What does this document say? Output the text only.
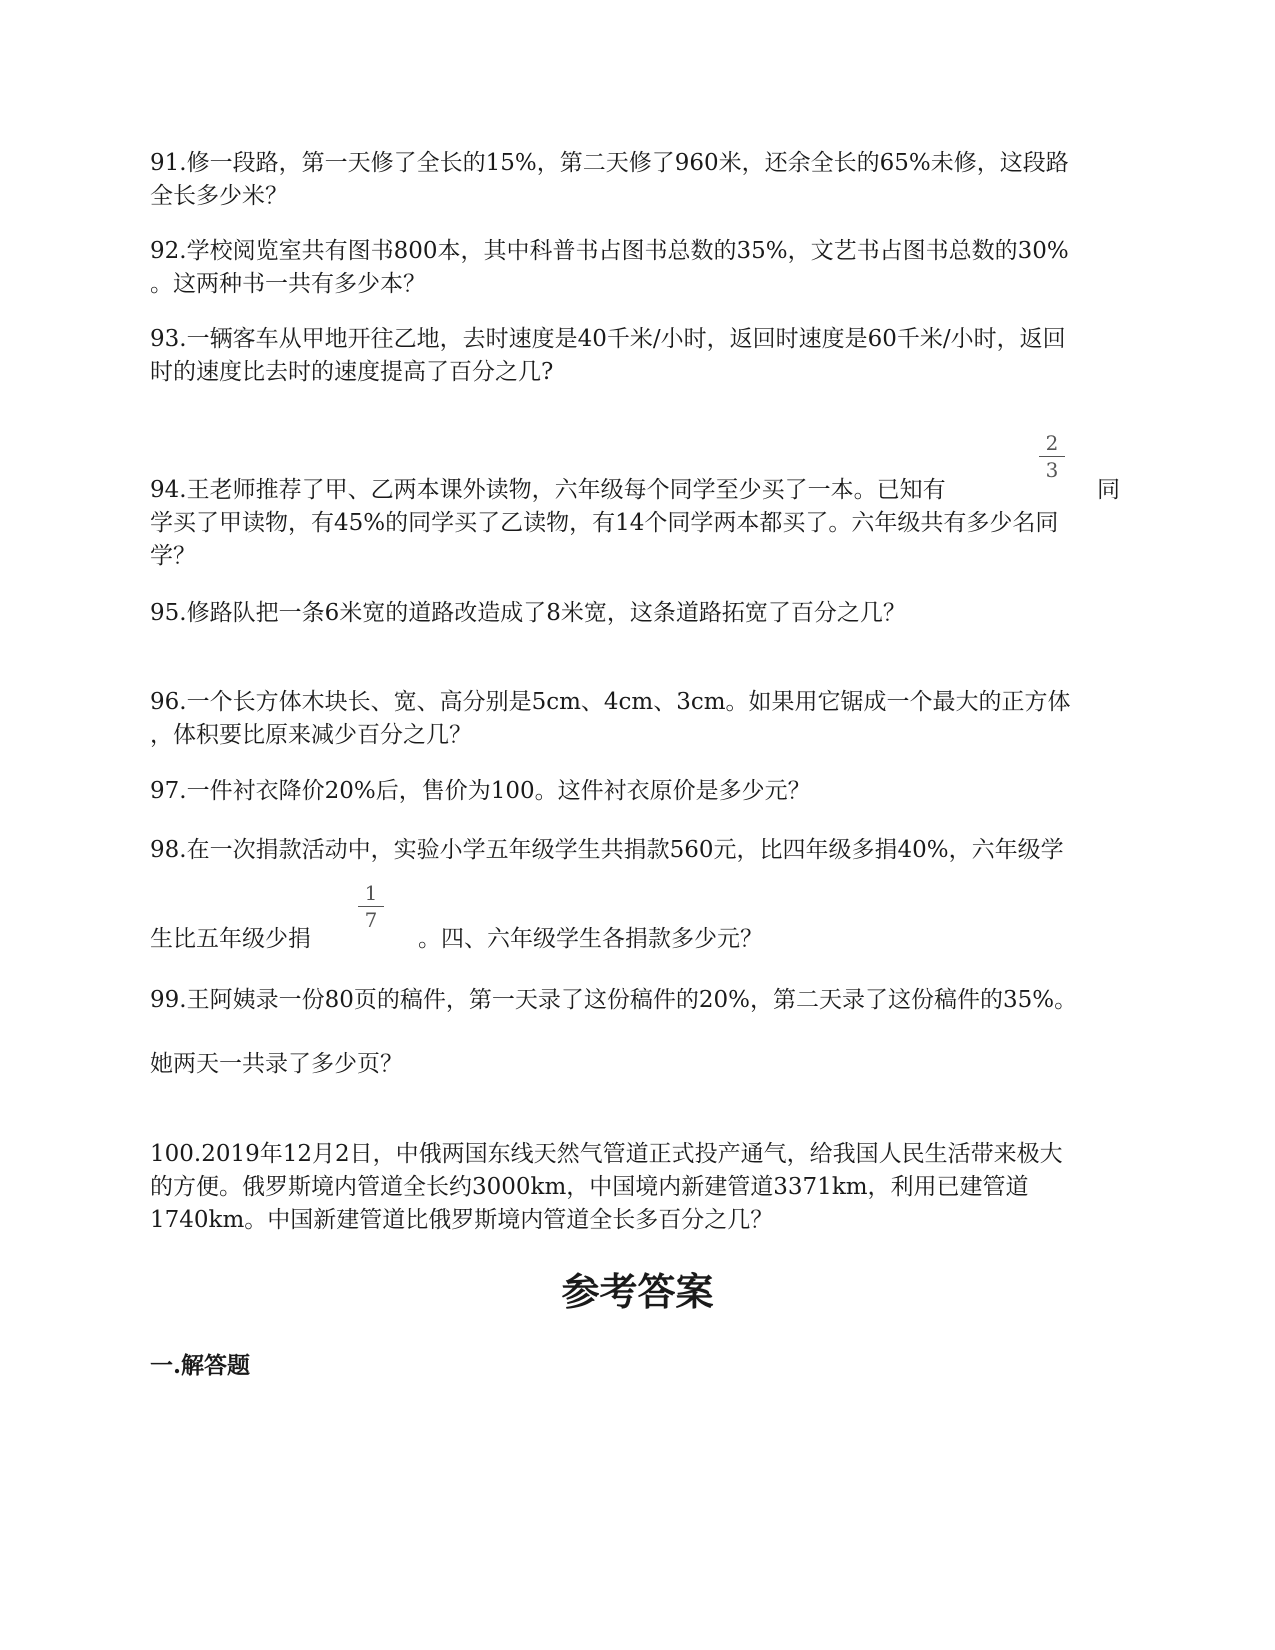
91.修一段路，第一天修了全长的15%，第二天修了960米，还余全长的65%未修，这段路
全长多少米？
92.学校阅览室共有图书800本，其中科普书占图书总数的35%，文艺书占图书总数的30%
。这两种书一共有多少本？
93.一辆客车从甲地开往乙地，去时速度是40千米/小时，返回时速度是60千米/小时，返回
时的速度比去时的速度提高了百分之几?
2
3
94.王老师推荐了甲、乙两本课外读物，六年级每个同学至少买了一本。已知有	同
学买了甲读物，有45%的同学买了乙读物，有14个同学两本都买了。六年级共有多少名同
学？
95.修路队把一条6米宽的道路改造成了8米宽，这条道路拓宽了百分之几？
96.一个长方体木块长、宽、高分别是5cm、4cm、3cm。如果用它锯成一个最大的正方体
，体积要比原来减少百分之几？
97.一件衬衣降价20%后，售价为100。这件衬衣原价是多少元？
98.在一次捐款活动中，实验小学五年级学生共捐款560元，比四年级多捐40%，六年级学
1
7
生比五年级少捐	。四、六年级学生各捐款多少元？
99.王阿姨录一份80页的稿件，第一天录了这份稿件的20%，第二天录了这份稿件的35%。
她两天一共录了多少页？
100.2019年12月2日，中俄两国东线天然气管道正式投产通气，给我国人民生活带来极大
的方便。俄罗斯境内管道全长约3000km，中国境内新建管道3371km，利用已建管道
1740km。中国新建管道比俄罗斯境内管道全长多百分之几？
参考答案
一.解答题
